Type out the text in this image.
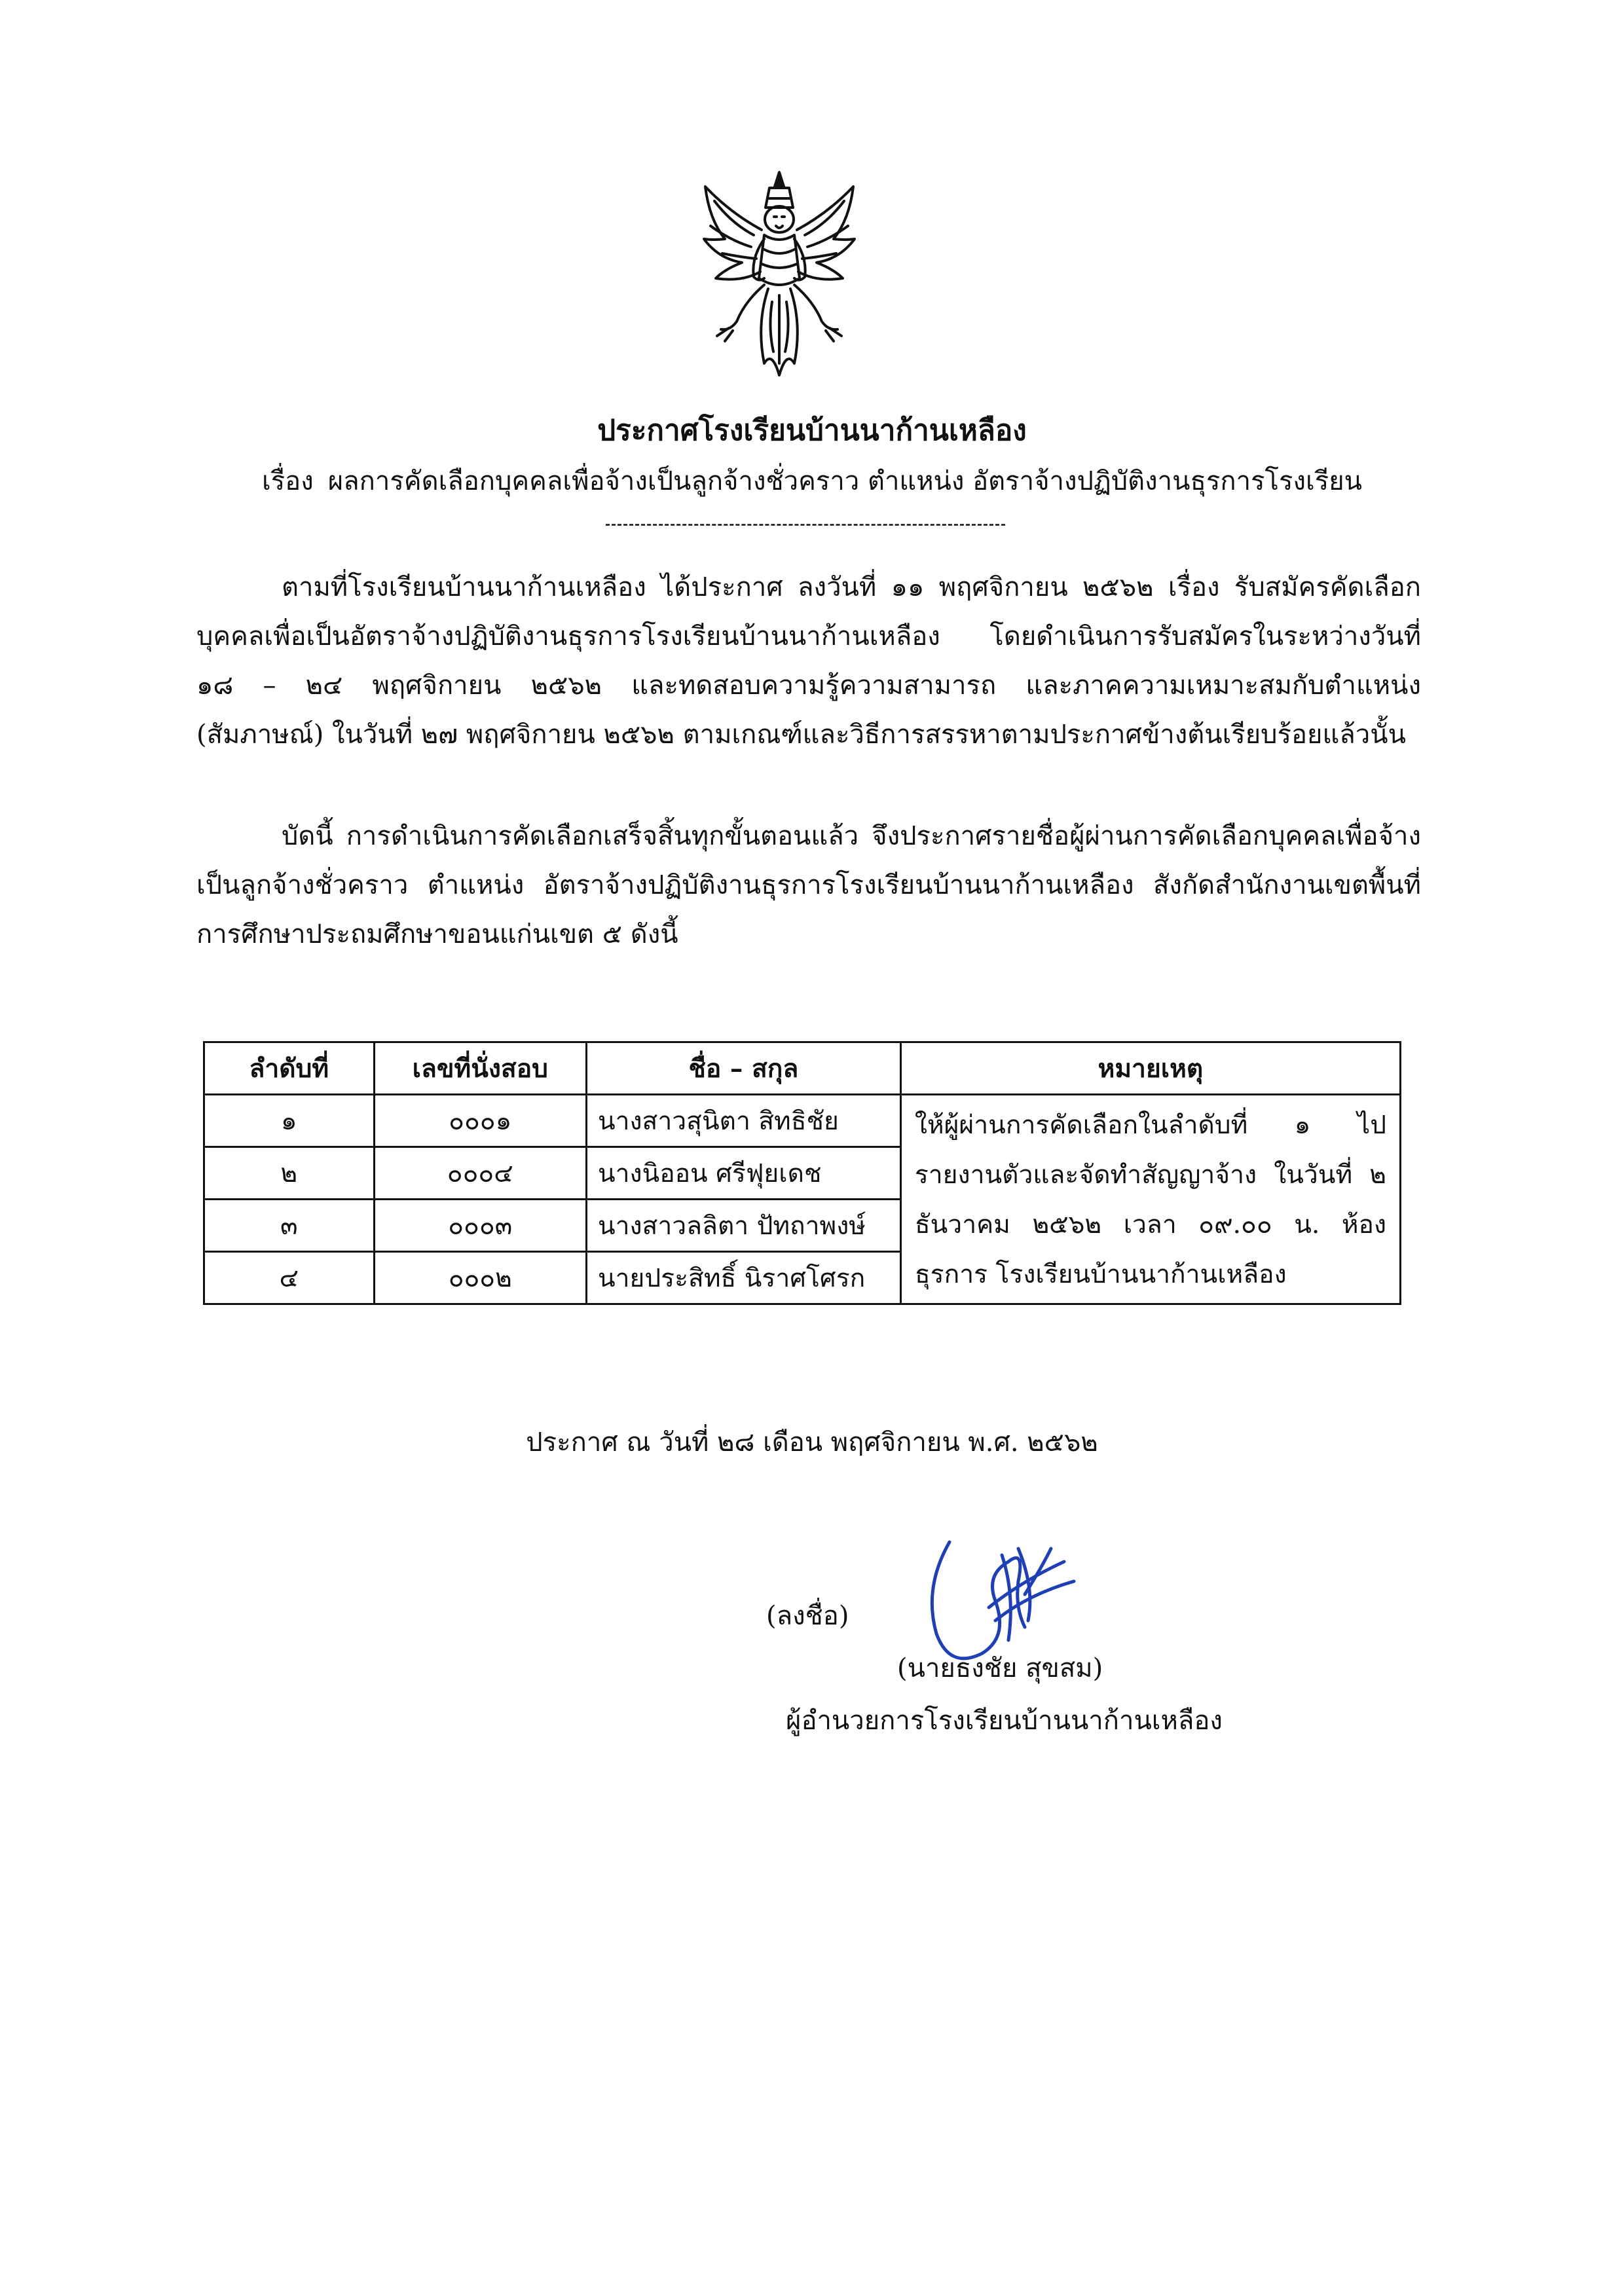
ประกาศโรงเรียนบ้านนาก้านเหลือง
เรื่อง ผลการคัดเลือกบุคคลเพื่อจ้างเป็นลูกจ้างชั่วคราว ตำแหน่ง อัตราจ้างปฏิบัติงานธุรการโรงเรียน

ตามที่โรงเรียนบ้านนาก้านเหลือง ได้ประกาศ ลงวันที่ ๑๑ พฤศจิกายน ๒๕๖๒ เรื่อง รับสมัครคัดเลือกบุคคลเพื่อเป็นอัตราจ้างปฏิบัติงานธุรการโรงเรียนบ้านนาก้านเหลือง โดยดำเนินการรับสมัครในระหว่างวันที่ ๑๘ – ๒๔ พฤศจิกายน ๒๕๖๒ และทดสอบความรู้ความสามารถ และภาคความเหมาะสมกับตำแหน่ง (สัมภาษณ์) ในวันที่ ๒๗ พฤศจิกายน ๒๕๖๒ ตามเกณฑ์และวิธีการสรรหาตามประกาศข้างต้นเรียบร้อยแล้วนั้น

บัดนี้ การดำเนินการคัดเลือกเสร็จสิ้นทุกขั้นตอนแล้ว จึงประกาศรายชื่อผู้ผ่านการคัดเลือกบุคคลเพื่อจ้างเป็นลูกจ้างชั่วคราว ตำแหน่ง อัตราจ้างปฏิบัติงานธุรการโรงเรียนบ้านนาก้านเหลือง สังกัดสำนักงานเขตพื้นที่การศึกษาประถมศึกษาขอนแก่นเขต ๕ ดังนี้

ลำดับที่	เลขที่นั่งสอบ	ชื่อ – สกุล	หมายเหตุ
๑	๐๐๐๑	นางสาวสุนิตา สิทธิชัย	ให้ผู้ผ่านการคัดเลือกในลำดับที่ ๑ ไปรายงานตัวและจัดทำสัญญาจ้าง ในวันที่ ๒ ธันวาคม ๒๕๖๒ เวลา ๐๙.๐๐ น. ห้องธุรการ โรงเรียนบ้านนาก้านเหลือง
๒	๐๐๐๔	นางนิออน ศรีฟุยเดช	
๓	๐๐๐๓	นางสาวลลิตา ปัทถาพงษ์	
๔	๐๐๐๒	นายประสิทธิ์ นิราศโศรก	
ประกาศ ณ วันที่ ๒๘ เดือน พฤศจิกายน พ.ศ. ๒๕๖๒
(ลงชื่อ)
(นายธงชัย สุขสม)
ผู้อำนวยการโรงเรียนบ้านนาก้านเหลือง
